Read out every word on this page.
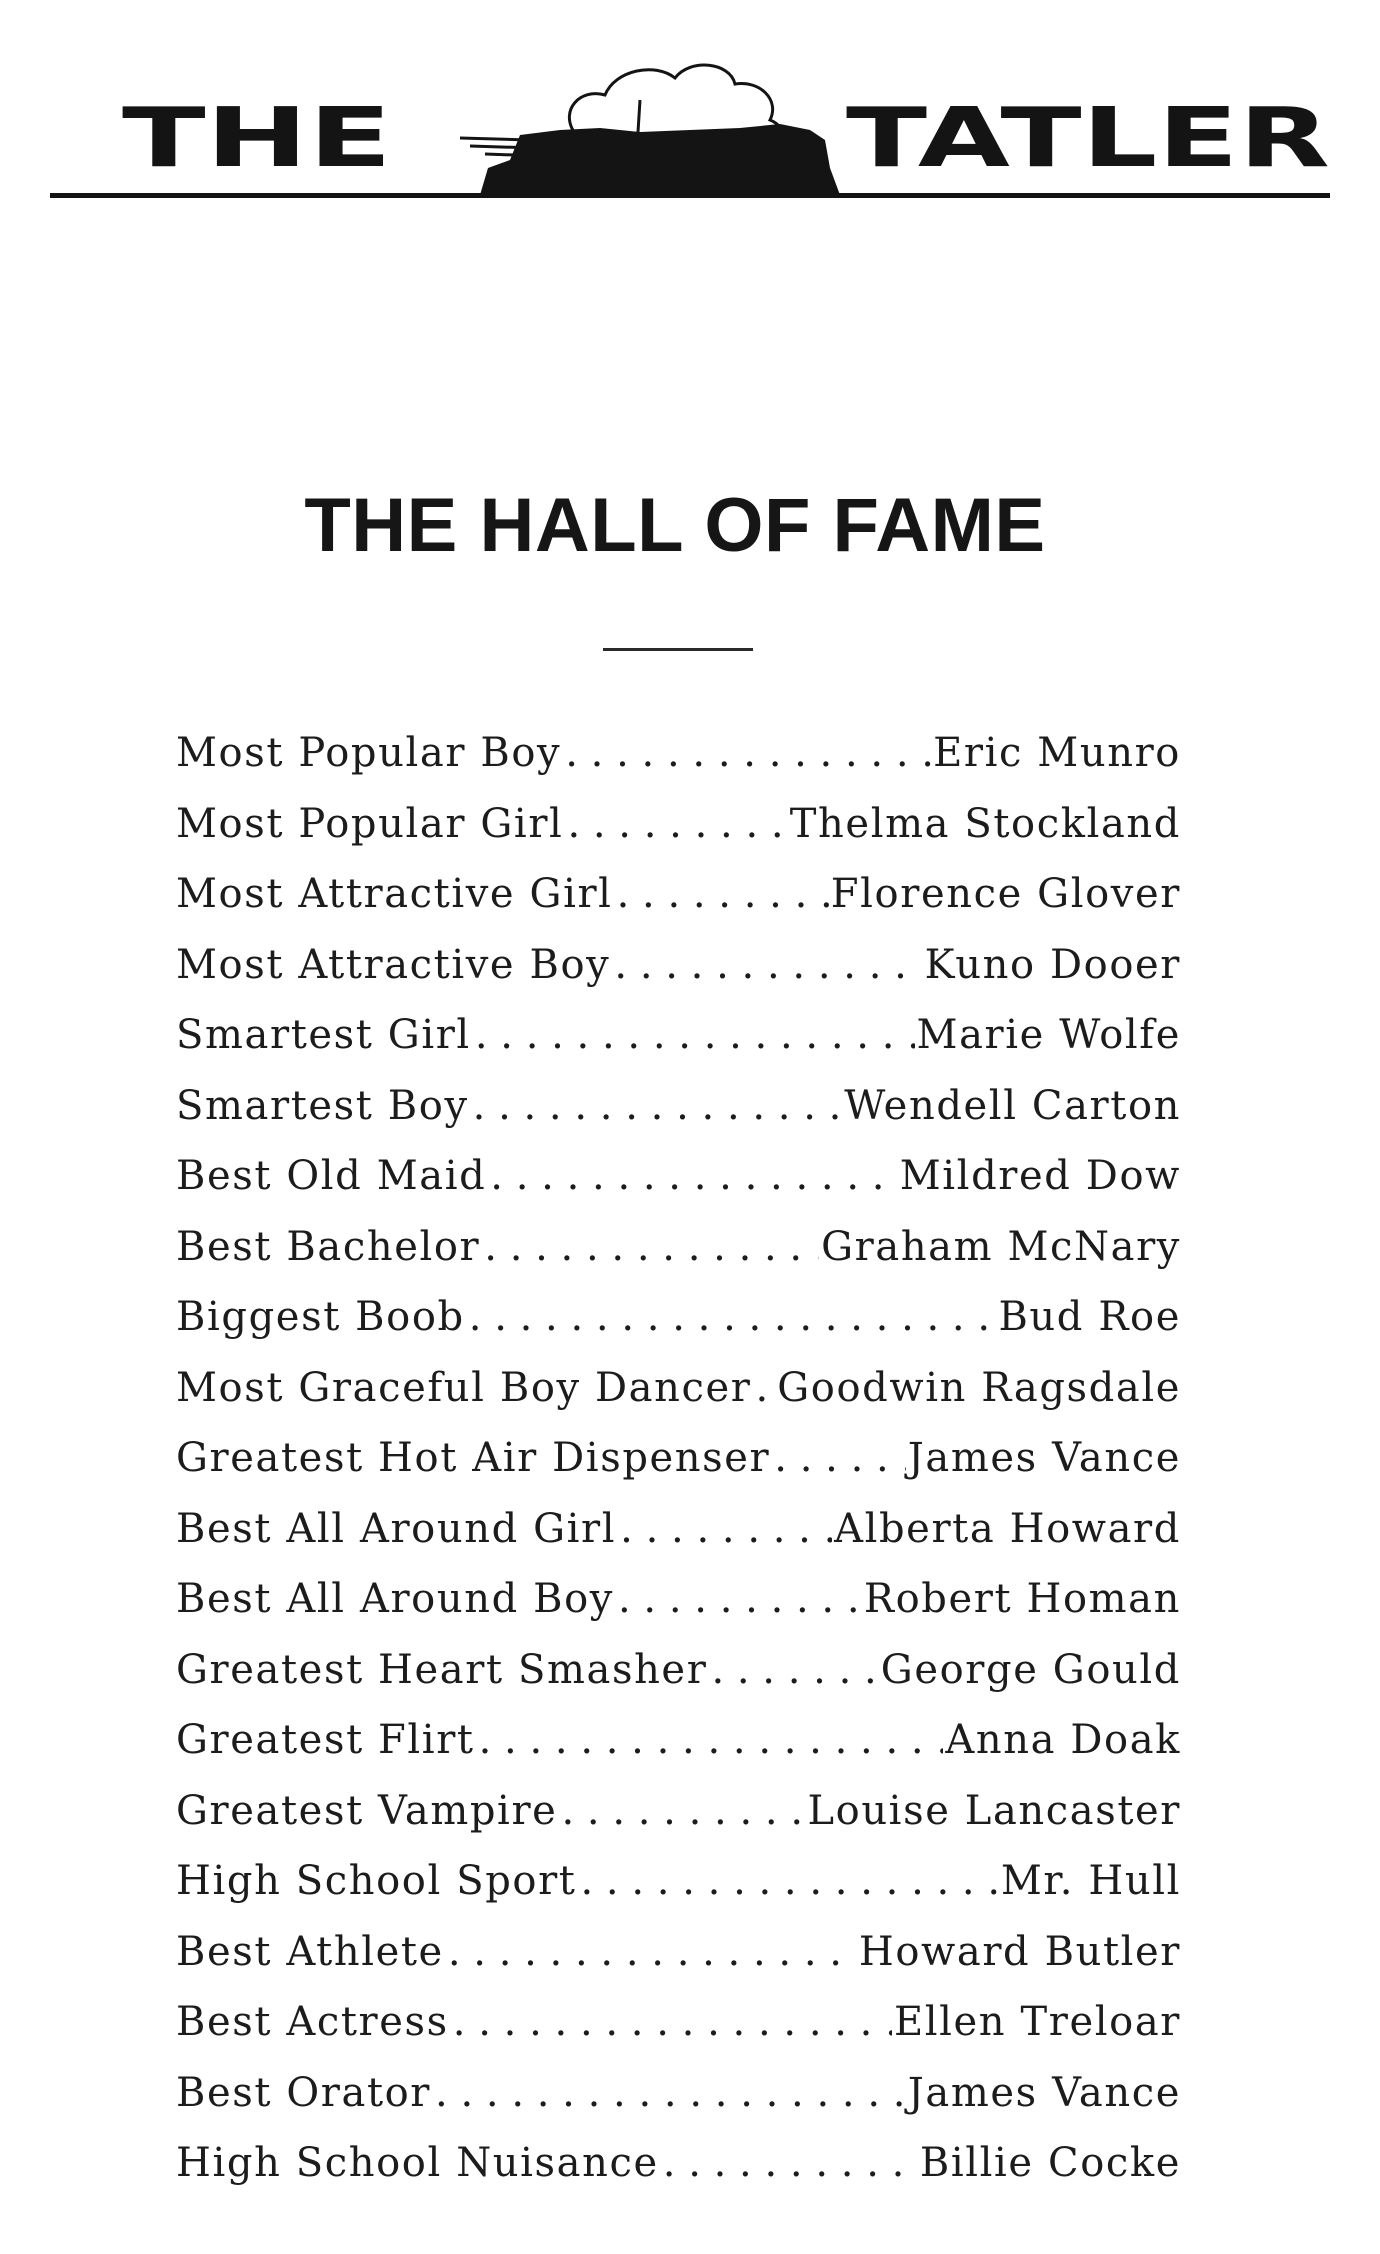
THE	TATLER
THE HALL OF FAME
Most Popular Boy . . .	Eric Munro
Most Popular Girl . . .	Thelma Stockland
Most Attractive Girl . . .	Florence Glover
Most Attractive Boy . . .	Kuno Dooer
Smartest Girl . . .	Marie Wolfe
Smartest Boy . . .	Wendell Carton
Best Old Maid . . .	Mildred Dow
Best Bachelor . . .	Graham McNary
Biggest Boob . . .	Bud Roe
Most Graceful Boy Dancer . . . Goodwin Ragsdale
Greatest Hot Air Dispenser . . .	James Vance
Best All Around Girl . . .	Alberta Howard
Best All Around Boy . . .	Robert Homan
Greatest Heart Smasher . . .	George Gould
Greatest Flirt . . .	Anna Doak
Greatest Vampire . . .	Louise Lancaster
High School Sport . . .	Mr. Hull
Best Athlete . . .	Howard Butler
Best Actress . . .	Ellen Treloar
Best Orator . . .	James Vance
High School Nuisance . . .	Billie Cocke
